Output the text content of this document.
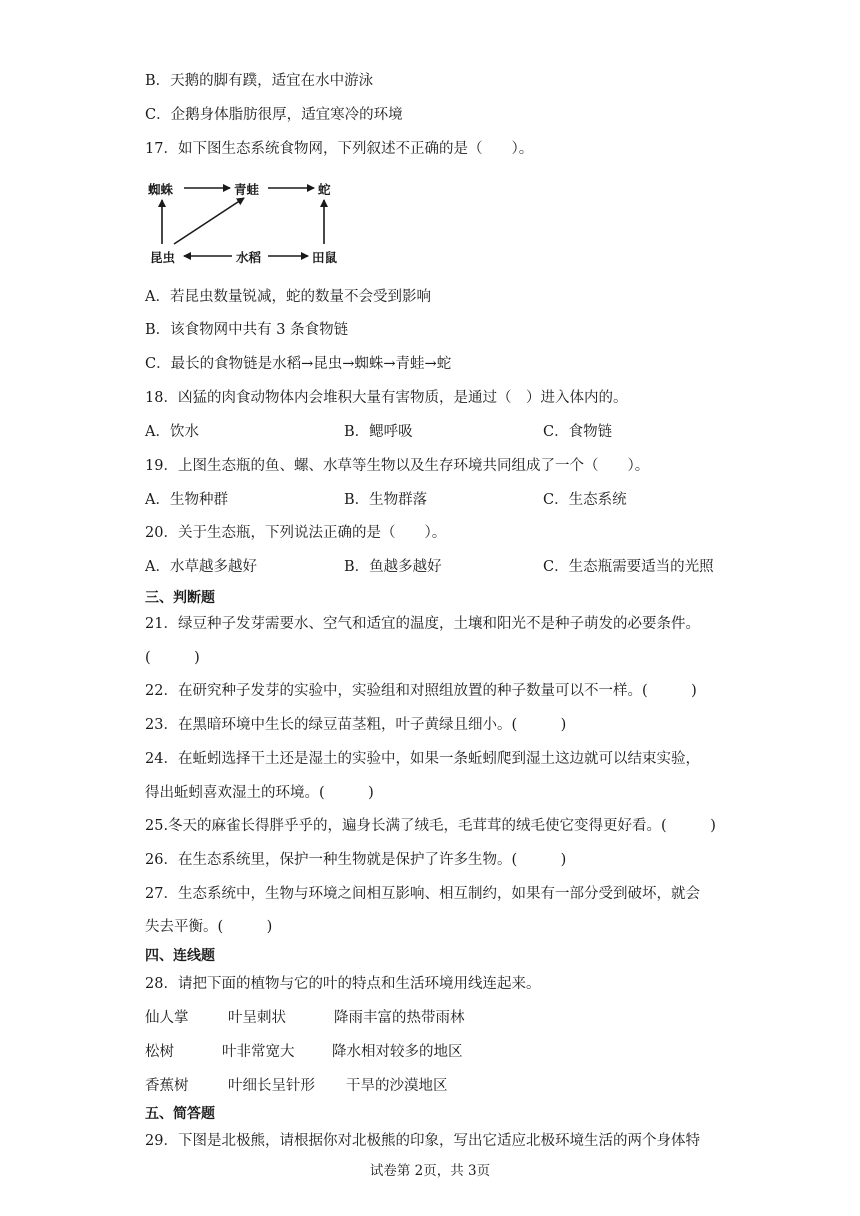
B．天鹅的脚有蹼，适宜在水中游泳
C．企鹅身体脂肪很厚，适宜寒冷的环境
17．如下图生态系统食物网，下列叙述不正确的是（　　）。
蜘蛛	青蛙	蛇
昆虫	水稻	田鼠
A．若昆虫数量锐减，蛇的数量不会受到影响
B．该食物网中共有 3 条食物链
C．最长的食物链是水稻→昆虫→蜘蛛→青蛙→蛇
18．凶猛的肉食动物体内会堆积大量有害物质，是通过（　）进入体内的。
A．饮水	B．鳃呼吸	C．食物链
19．上图生态瓶的鱼、螺、水草等生物以及生存环境共同组成了一个（　　）。
A．生物种群	B．生物群落	C．生态系统
20．关于生态瓶，下列说法正确的是（　　）。
A．水草越多越好	B．鱼越多越好	C．生态瓶需要适当的光照
三、判断题
21．绿豆种子发芽需要水、空气和适宜的温度，土壤和阳光不是种子萌发的必要条件。
(　　　)
22．在研究种子发芽的实验中，实验组和对照组放置的种子数量可以不一样。(　　　)
23．在黑暗环境中生长的绿豆苗茎粗，叶子黄绿且细小。(　　　)
24．在蚯蚓选择干土还是湿土的实验中，如果一条蚯蚓爬到湿土这边就可以结束实验，
得出蚯蚓喜欢湿土的环境。(　　　)
25.冬天的麻雀长得胖乎乎的，遍身长满了绒毛，毛茸茸的绒毛使它变得更好看。(　　　)
26．在生态系统里，保护一种生物就是保护了许多生物。(　　　)
27．生态系统中，生物与环境之间相互影响、相互制约，如果有一部分受到破坏，就会
失去平衡。(　　　)
四、连线题
28．请把下面的植物与它的叶的特点和生活环境用线连起来。
仙人掌	叶呈刺状	降雨丰富的热带雨林
松树	叶非常宽大	降水相对较多的地区
香蕉树	叶细长呈针形 干旱的沙漠地区
五、简答题
29．下图是北极熊，请根据你对北极熊的印象，写出它适应北极环境生活的两个身体特
试卷第 2页，共 3页
